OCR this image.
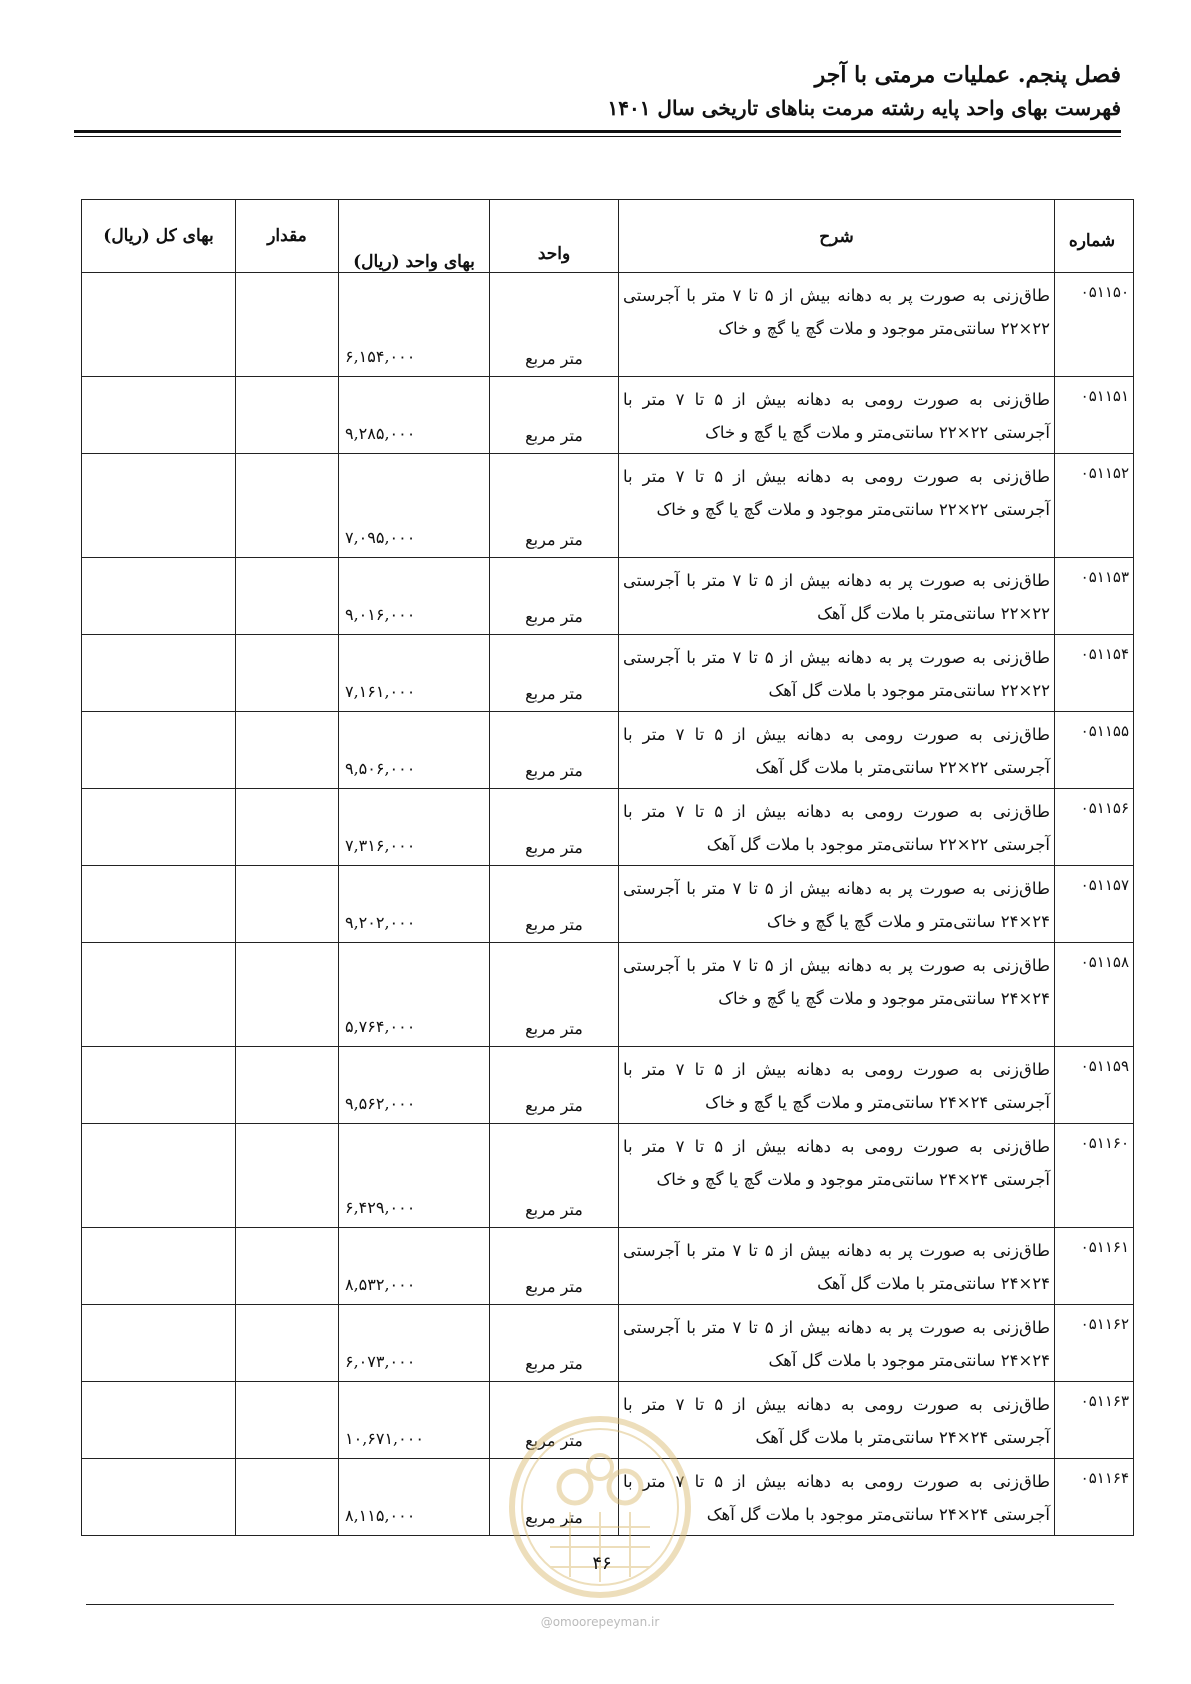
فصل پنجم. عملیات مرمتی با آجر
فهرست بهای واحد پایه رشته مرمت بناهای تاریخی سال ۱۴۰۱
شماره	شرح	واحد	بهای واحد (ریال)	مقدار	بهای کل (ریال)
۰۵۱۱۵۰	طاق‌زنی به صورت پر به دهانه بیش از ۵ تا ۷ متر با آجرستی ۲۲×۲۲ سانتی‌متر موجود و ملات گچ یا گچ و خاک	متر مربع	۶,۱۵۴,۰۰۰		
۰۵۱۱۵۱	طاق‌زنی به صورت رومی به دهانه بیش از ۵ تا ۷ متر با آجرستی ۲۲×۲۲ سانتی‌متر و ملات گچ یا گچ و خاک	متر مربع	۹,۲۸۵,۰۰۰		
۰۵۱۱۵۲	طاق‌زنی به صورت رومی به دهانه بیش از ۵ تا ۷ متر با آجرستی ۲۲×۲۲ سانتی‌متر موجود و ملات گچ یا گچ و خاک	متر مربع	۷,۰۹۵,۰۰۰		
۰۵۱۱۵۳	طاق‌زنی به صورت پر به دهانه بیش از ۵ تا ۷ متر با آجرستی ۲۲×۲۲ سانتی‌متر با ملات گل آهک	متر مربع	۹,۰۱۶,۰۰۰		
۰۵۱۱۵۴	طاق‌زنی به صورت پر به دهانه بیش از ۵ تا ۷ متر با آجرستی ۲۲×۲۲ سانتی‌متر موجود با ملات گل آهک	متر مربع	۷,۱۶۱,۰۰۰		
۰۵۱۱۵۵	طاق‌زنی به صورت رومی به دهانه بیش از ۵ تا ۷ متر با آجرستی ۲۲×۲۲ سانتی‌متر با ملات گل آهک	متر مربع	۹,۵۰۶,۰۰۰		
۰۵۱۱۵۶	طاق‌زنی به صورت رومی به دهانه بیش از ۵ تا ۷ متر با آجرستی ۲۲×۲۲ سانتی‌متر موجود با ملات گل آهک	متر مربع	۷,۳۱۶,۰۰۰		
۰۵۱۱۵۷	طاق‌زنی به صورت پر به دهانه بیش از ۵ تا ۷ متر با آجرستی ۲۴×۲۴ سانتی‌متر و ملات گچ یا گچ و خاک	متر مربع	۹,۲۰۲,۰۰۰		
۰۵۱۱۵۸	طاق‌زنی به صورت پر به دهانه بیش از ۵ تا ۷ متر با آجرستی ۲۴×۲۴ سانتی‌متر موجود و ملات گچ یا گچ و خاک	متر مربع	۵,۷۶۴,۰۰۰		
۰۵۱۱۵۹	طاق‌زنی به صورت رومی به دهانه بیش از ۵ تا ۷ متر با آجرستی ۲۴×۲۴ سانتی‌متر و ملات گچ یا گچ و خاک	متر مربع	۹,۵۶۲,۰۰۰		
۰۵۱۱۶۰	طاق‌زنی به صورت رومی به دهانه بیش از ۵ تا ۷ متر با آجرستی ۲۴×۲۴ سانتی‌متر موجود و ملات گچ یا گچ و خاک	متر مربع	۶,۴۲۹,۰۰۰		
۰۵۱۱۶۱	طاق‌زنی به صورت پر به دهانه بیش از ۵ تا ۷ متر با آجرستی ۲۴×۲۴ سانتی‌متر با ملات گل آهک	متر مربع	۸,۵۳۲,۰۰۰		
۰۵۱۱۶۲	طاق‌زنی به صورت پر به دهانه بیش از ۵ تا ۷ متر با آجرستی ۲۴×۲۴ سانتی‌متر موجود با ملات گل آهک	متر مربع	۶,۰۷۳,۰۰۰		
۰۵۱۱۶۳	طاق‌زنی به صورت رومی به دهانه بیش از ۵ تا ۷ متر با آجرستی ۲۴×۲۴ سانتی‌متر با ملات گل آهک	متر مربع	۱۰,۶۷۱,۰۰۰		
۰۵۱۱۶۴	طاق‌زنی به صورت رومی به دهانه بیش از ۵ تا ۷ متر با آجرستی ۲۴×۲۴ سانتی‌متر موجود با ملات گل آهک	متر مربع	۸,۱۱۵,۰۰۰		
۴۶
@omoorepeyman.ir
